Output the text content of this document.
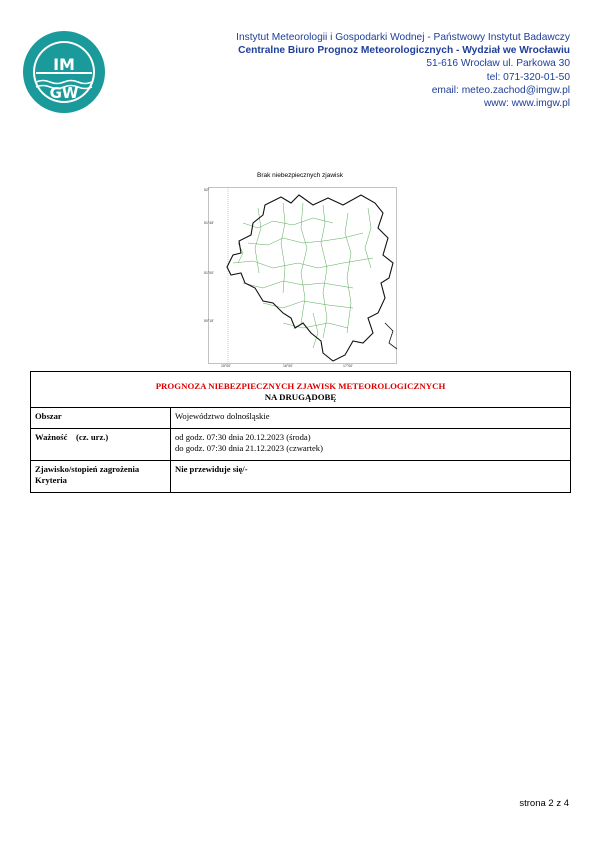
IM
GW
Instytut Meteorologii i Gospodarki Wodnej - Państwowy Instytut Badawczy
Centralne Biuro Prognoz Meteorologicznych - Wydział we Wrocławiu
51-616 Wrocław ul. Parkowa 30
tel: 071-320-01-50
email: meteo.zachod@imgw.pl
www: www.imgw.pl
Brak niebezpiecznych zjawisk
52°
51°45'
51°00'
50°15'
15°00'	16°00'	17°00'
PROGNOZA NIEBEZPIECZNYCH ZJAWISK METEOROLOGICZNYCH
NA DRUGĄDOBĘ	

Obszar	Województwo dolnośląskie
Ważność    (cz. urz.)	od godz. 07:30 dnia 20.12.2023 (środa)
do godz. 07:30 dnia 21.12.2023 (czwartek)

Zjawisko/stopień zagrożenia
Kryteria	Nie przewiduje się/-
strona 2 z 4
